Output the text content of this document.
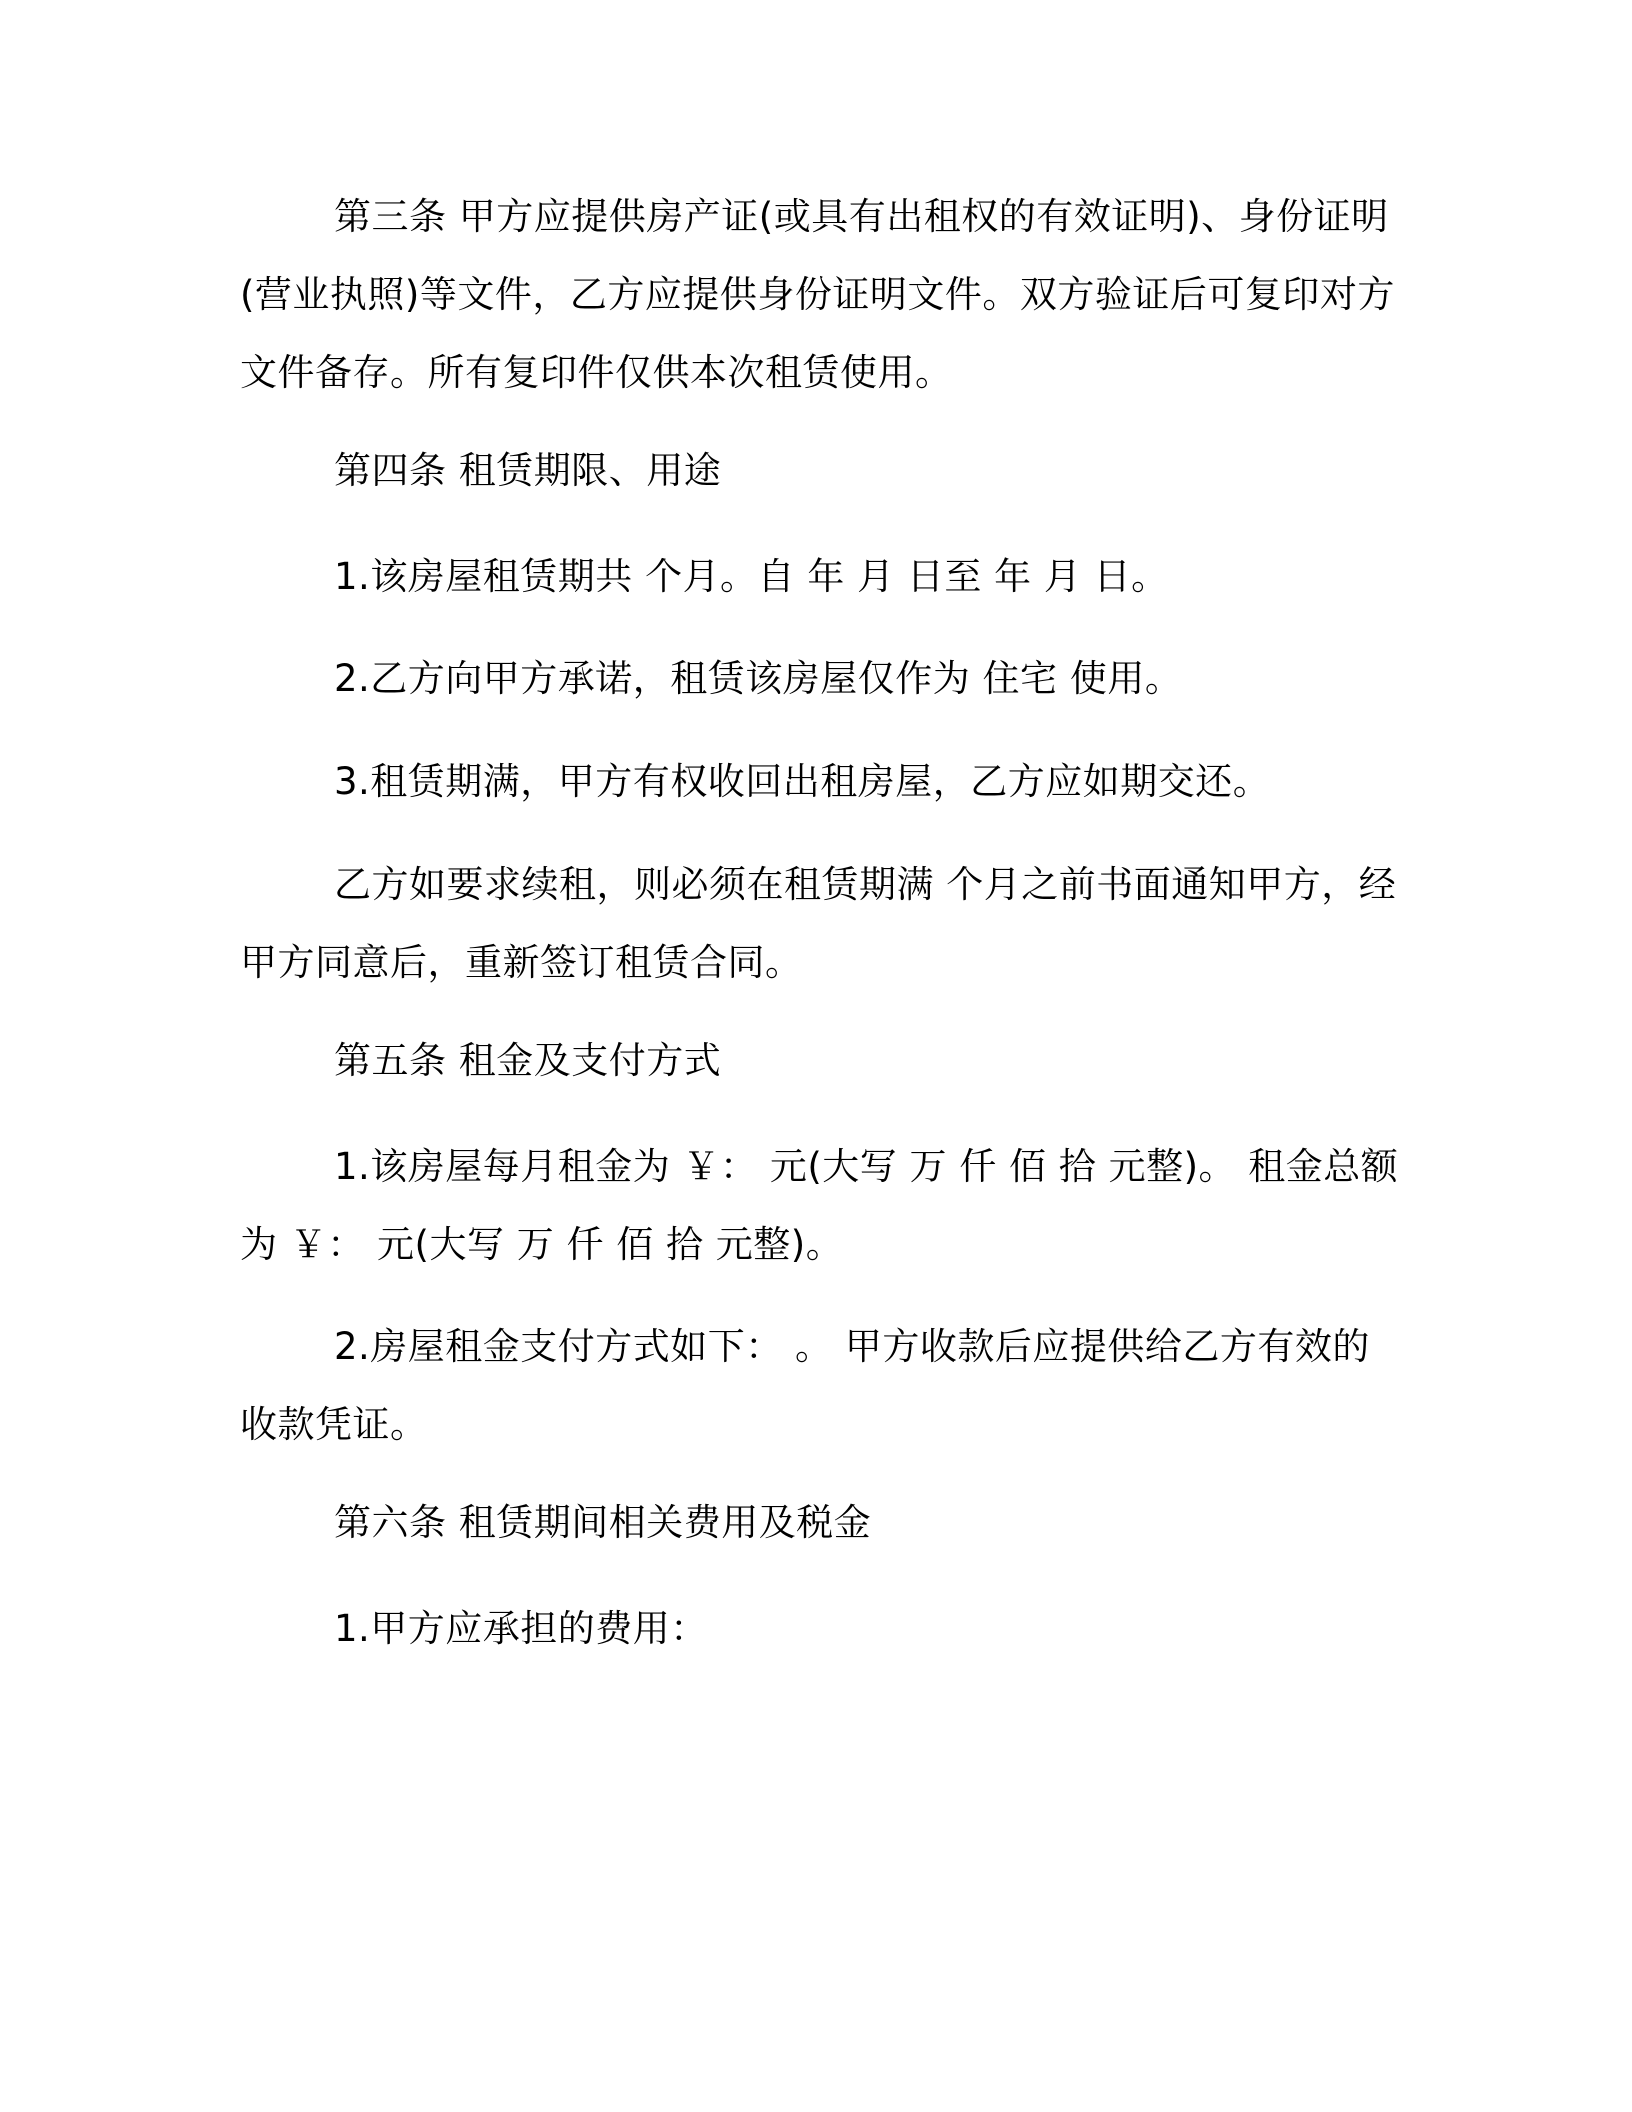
第三条 甲方应提供房产证(或具有出租权的有效证明)、身份证明
(营业执照)等文件，乙方应提供身份证明文件。双方验证后可复印对方
文件备存。所有复印件仅供本次租赁使用。
第四条 租赁期限、用途
1.该房屋租赁期共 个月。自 年 月 日至 年 月 日。
2.乙方向甲方承诺，租赁该房屋仅作为 住宅 使用。
3.租赁期满，甲方有权收回出租房屋，乙方应如期交还。
乙方如要求续租，则必须在租赁期满 个月之前书面通知甲方，经
甲方同意后，重新签订租赁合同。
第五条 租金及支付方式
1.该房屋每月租金为 ￥： 元(大写 万 仟 佰 拾 元整)。 租金总额
为 ￥： 元(大写 万 仟 佰 拾 元整)。
2.房屋租金支付方式如下： 。 甲方收款后应提供给乙方有效的
收款凭证。
第六条 租赁期间相关费用及税金
1.甲方应承担的费用：
